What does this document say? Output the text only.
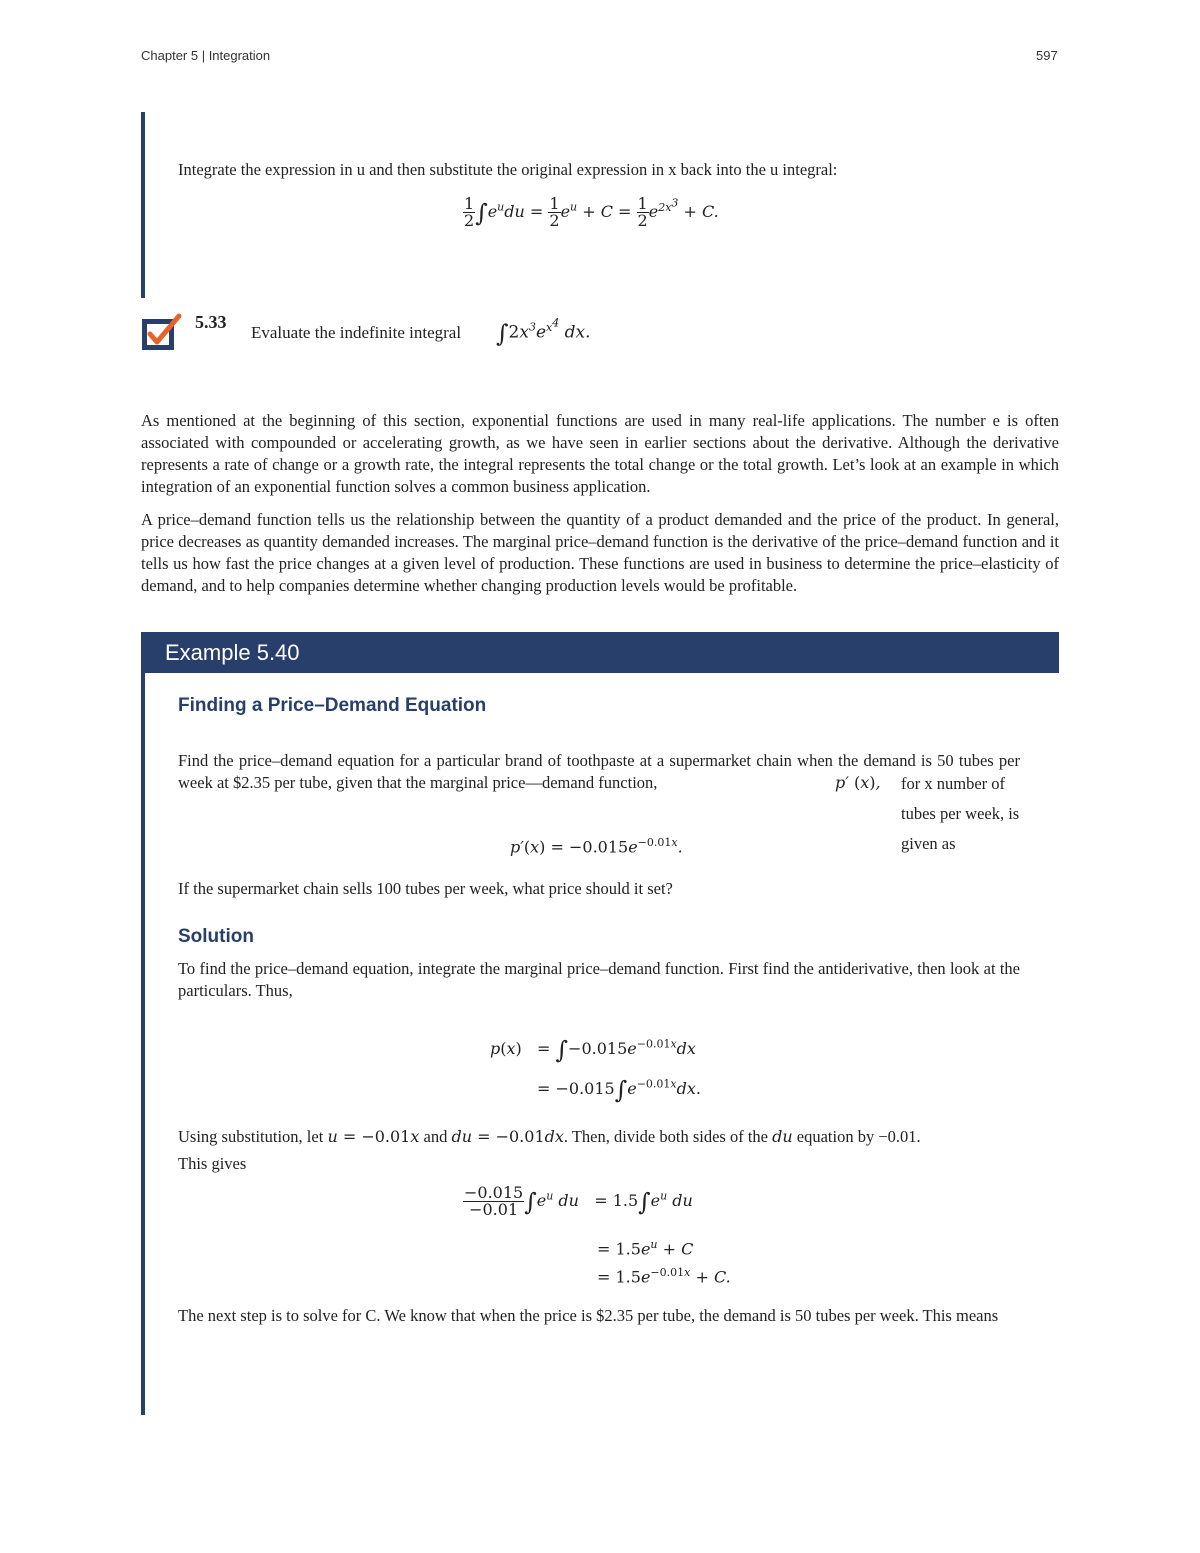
Chapter 5 | Integration	597
Integrate the expression in u and then substitute the original expression in x back into the u integral:
$\frac{1}{2} \int e^udu = \frac{1}{2} e^u + C = \frac{1}{2} e^{2x^3} + C$.
5.33
Evaluate the indefinite integral $\int 2x^3e^{x^4}$ dx.
As mentioned at the beginning of this section, exponential functions are used in many real-life applications. The number e is often associated with compounded or accelerating growth, as we have seen in earlier sections about the derivative. Although the derivative represents a rate of change or a growth rate, the integral represents the total change or the total growth. Let’s look at an example in which integration of an exponential function solves a common business application.
A price–demand function tells us the relationship between the quantity of a product demanded and the price of the product. In general, price decreases as quantity demanded increases. The marginal price–demand function is the derivative of the price–demand function and it tells us how fast the price changes at a given level of production. These functions are used in business to determine the price–elasticity of demand, and to help companies determine whether changing production levels would be profitable.
Example 5.40
Finding a Price–Demand Equation
Find the price–demand equation for a particular brand of toothpaste at a supermarket chain when the demand is 50 tubes per week at $2.35 per tube, given that the marginal price—demand function,	p′ (x), for x number of tubes per week, is given as
$p'(x) = -0.015e^{-0.01x}$.
If the supermarket chain sells 100 tubes per week, what price should it set?
Solution
To find the price–demand equation, integrate the marginal price–demand function. First find the antiderivative, then look at the particulars. Thus,
$p(x) = \int-0.015e^{-0.01x}dx$
= $-0.015\int e^{-0.01x}dx$.
Using substitution, let u = −0.01x and du = −0.01dx. Then, divide both sides of the du equation by −0.01.
This gives
$\frac{-0.015}{-0.01} \int e^u$ du   = $1.5\int e^u$ du
= $1.5e^u + C$
= $1.5e^{-0.01x} + C$.
The next step is to solve for C. We know that when the price is $2.35 per tube, the demand is 50 tubes per week. This means
